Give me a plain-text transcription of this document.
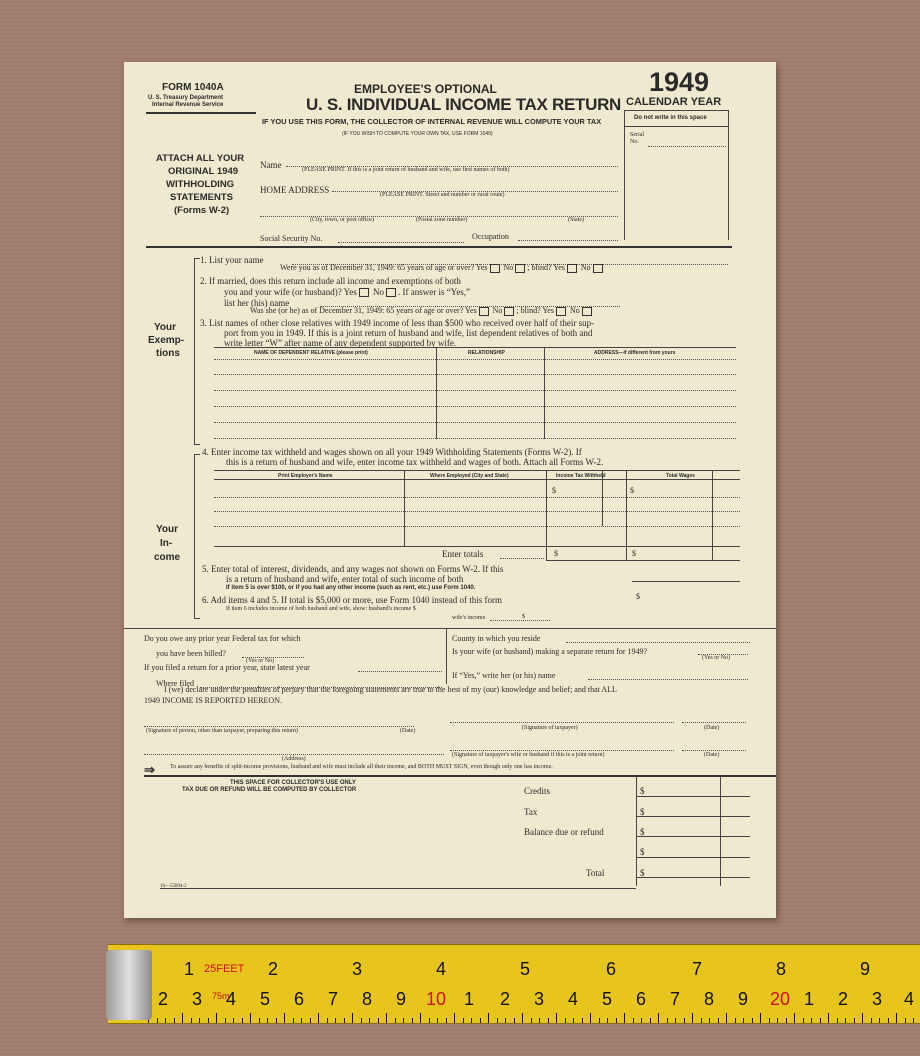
FORM 1040A
U. S. Treasury Department
Internal Revenue Service
EMPLOYEE'S OPTIONAL
U. S. INDIVIDUAL INCOME TAX RETURN
IF YOU USE THIS FORM, THE COLLECTOR OF INTERNAL REVENUE WILL COMPUTE YOUR TAX
(IF YOU WISH TO COMPUTE YOUR OWN TAX, USE FORM 1040)
1949
CALENDAR YEAR
Do not write in this space
Serial
No.
ATTACH ALL YOUR
ORIGINAL 1949
WITHHOLDING
STATEMENTS
(Forms W-2)
Name	(PLEASE PRINT. If this is a joint return of husband and wife, use first names of both)
HOME ADDRESS	(PLEASE PRINT. Street and number or rural route)
(City, town, or post office)	(Postal zone number)	(State)
Social Security No.	Occupation
Your
Exemp-
tions
1. List your name
Were you as of December 31, 1949: 65 years of age or over? Yes No ; blind? Yes No
2. If married, does this return include all income and exemptions of both
you and your wife (or husband)? Yes No . If answer is “Yes,”
list her (his) name
Was she (or he) as of December 31, 1949: 65 years of age or over? Yes No ; blind? Yes No
3. List names of other close relatives with 1949 income of less than $500 who received over half of their sup-
port from you in 1949. If this is a joint return of husband and wife, list dependent relatives of both and
write letter “W” after name of any dependent supported by wife.
NAME OF DEPENDENT RELATIVE (please print)	RELATIONSHIP	ADDRESS—if different from yours
Your
In-
come
4. Enter income tax withheld and wages shown on all your 1949 Withholding Statements (Forms W-2). If
this is a return of husband and wife, enter income tax withheld and wages of both. Attach all Forms W-2.
Print Employer's Name	Where Employed (City and State)	Income Tax Withheld	Total Wages
$	$
Enter totals	$	$
5. Enter total of interest, dividends, and any wages not shown on Forms W-2. If this
is a return of husband and wife, enter total of such income of both
If item 5 is over $100, or if you had any other income (such as rent, etc.) use Form 1040.
6. Add items 4 and 5. If total is $5,000 or more, use Form 1040 instead of this form	$
If item 6 includes income of both husband and wife, show: husband's income $
wife's income	$
Do you owe any prior year Federal tax for which
you have been billed?
(Yes or No)
If you filed a return for a prior year, state latest year
Where filed
County in which you reside
Is your wife (or husband) making a separate return for 1949?
(Yes or No)
If “Yes,” write her (or his) name
I (we) declare under the penalties of perjury that the foregoing statements are true to the best of my (our) knowledge and belief; and that ALL
1949 INCOME IS REPORTED HEREON.
(Signature of person, other than taxpayer, preparing this return)	(Date)	(Signature of taxpayer)	(Date)
(Address)
(Signature of taxpayer's wife or husband if this is a joint return)	(Date)
⇒	To assure any benefits of split-income provisions, husband and wife must include all their income, and BOTH MUST SIGN, even though only one has income.
THIS SPACE FOR COLLECTOR'S USE ONLY
TAX DUE OR REFUND WILL BE COMPUTED BY COLLECTOR	Credits	$
Tax	$
Balance due or refund	$
$
Total	$
16—55894-2
1 25FEET 2	3	4	5	6	7	8	9
2 3 4 5 6 7 8 9 10 1 2 3 4 5 6 7 8 9 20 1 2 3 4
75m
